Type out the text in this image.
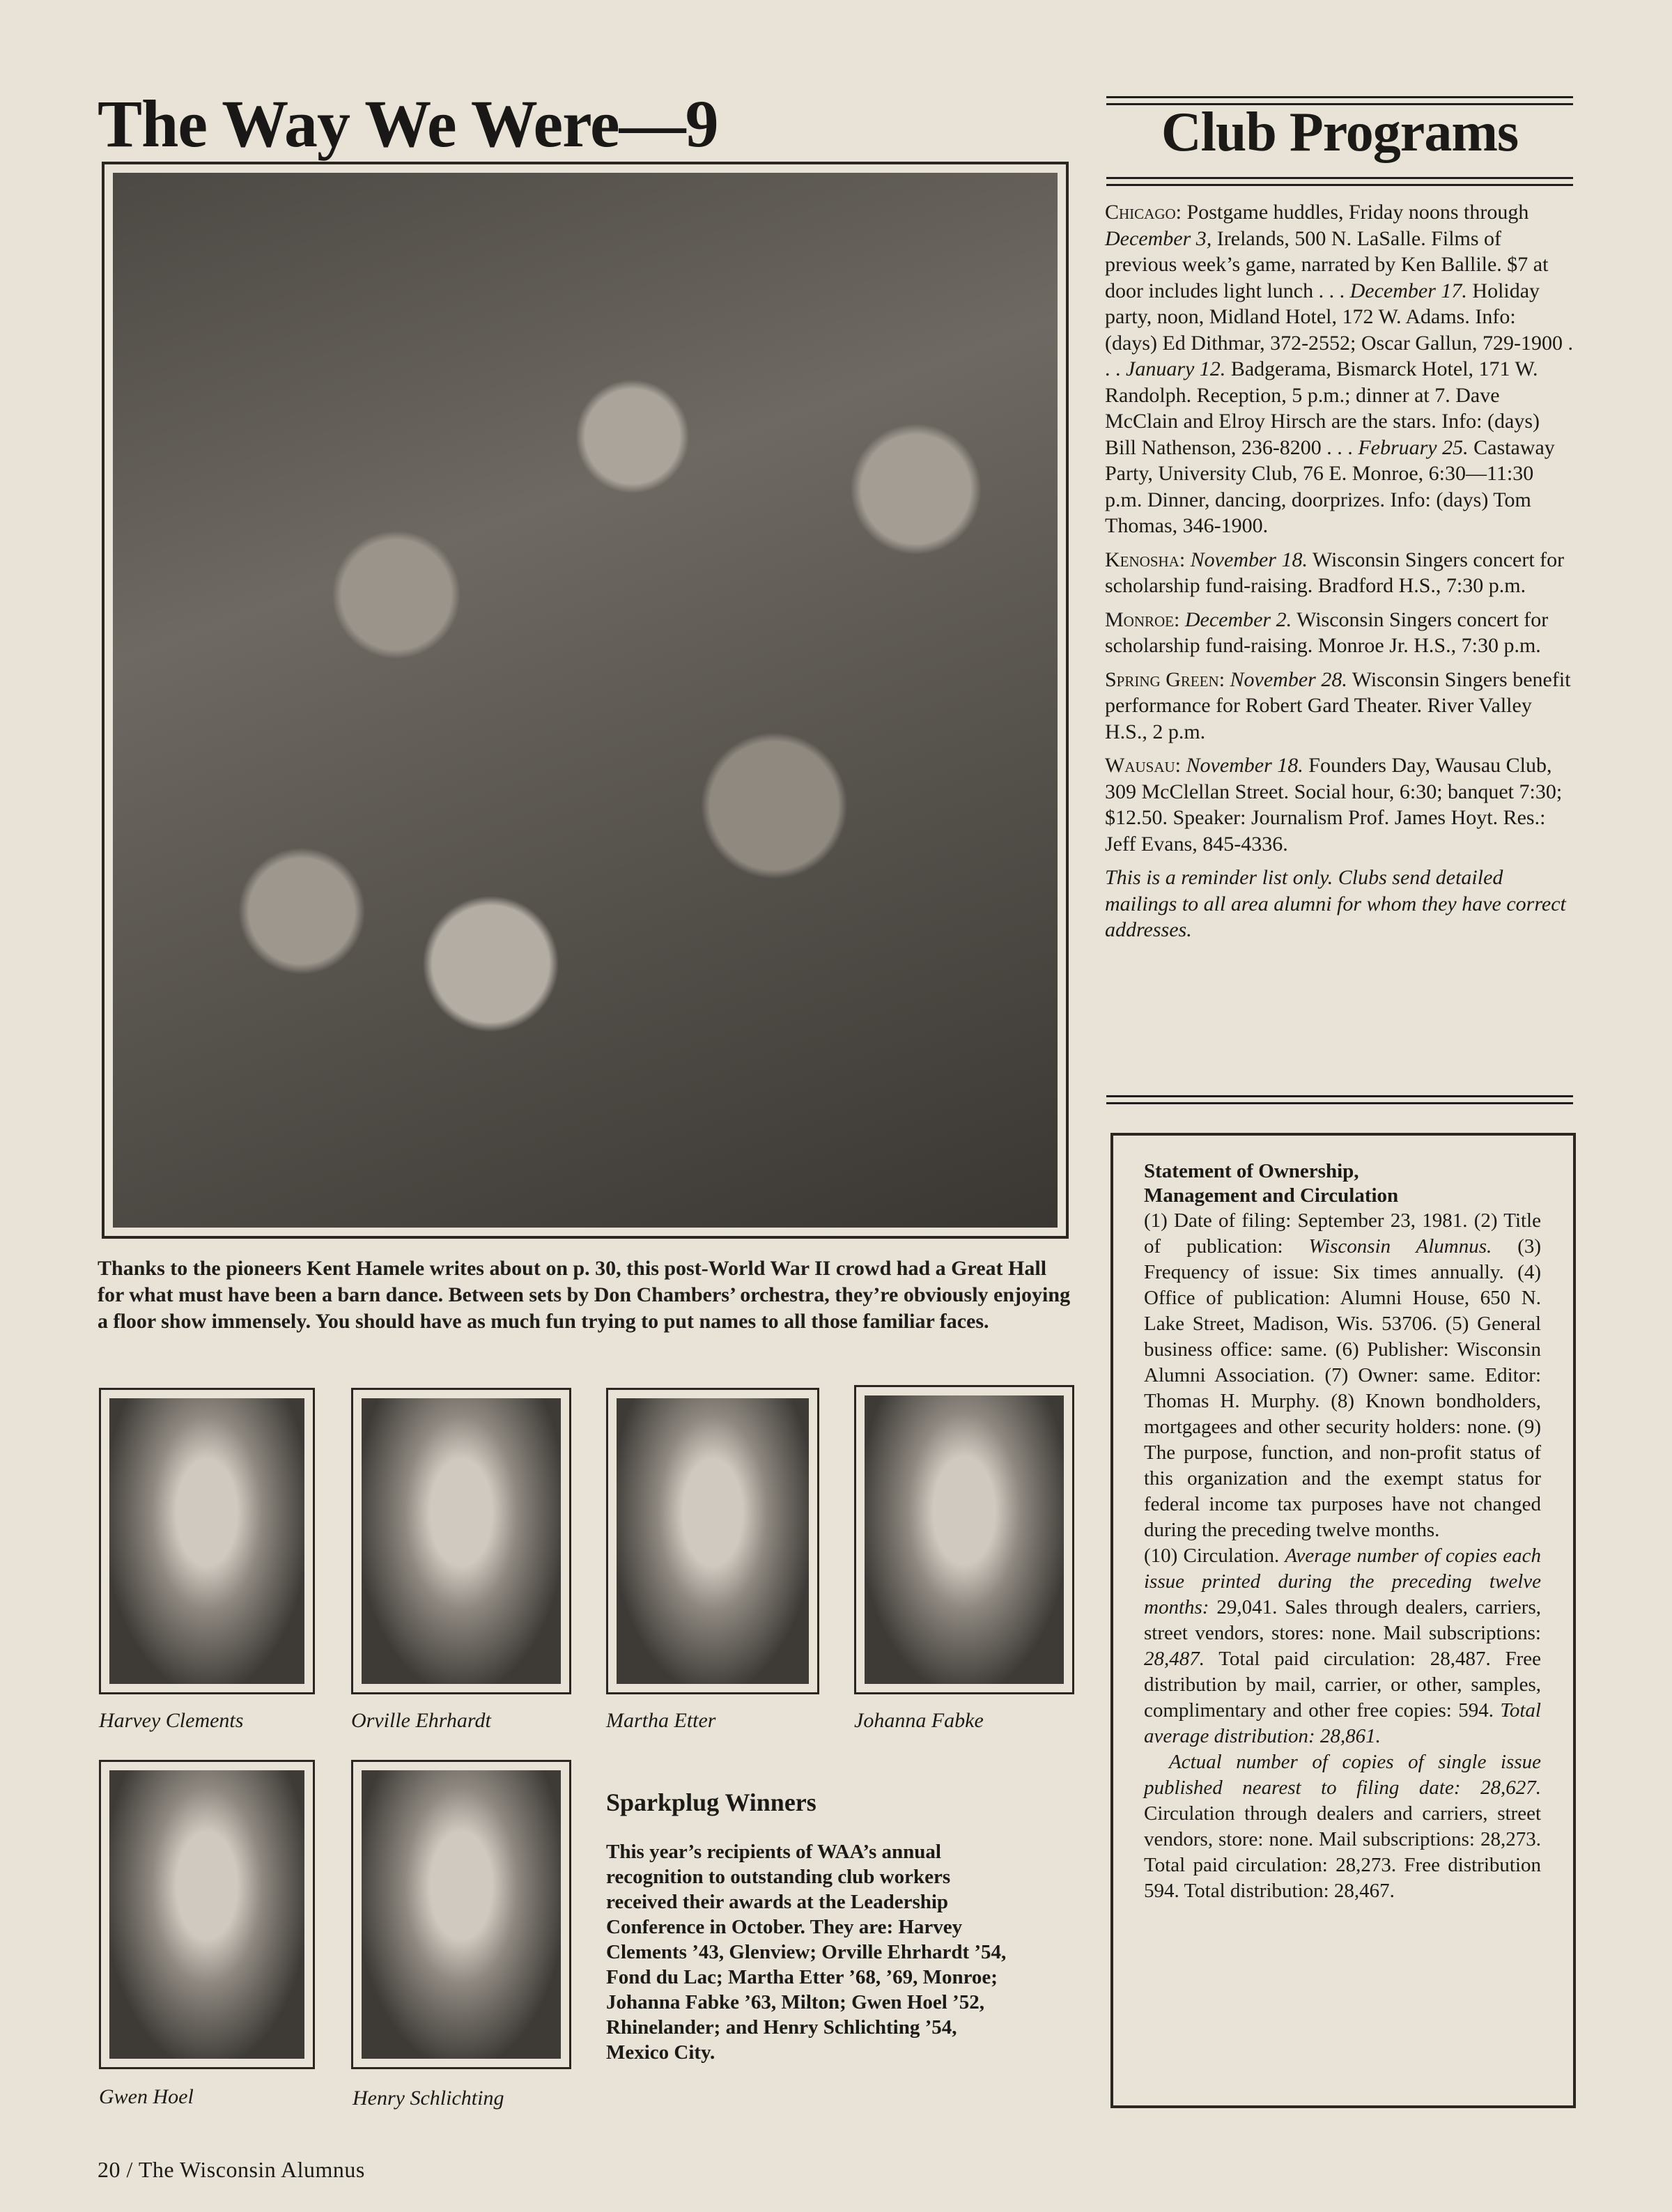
The Way We Were—9

Thanks to the pioneers Kent Hamele writes about on p. 30, this post-World War II crowd had a Great Hall for what must have been a barn dance. Between sets by Don Chambers’ orchestra, they’re obviously enjoying a floor show immensely. You should have as much fun trying to put names to all those familiar faces.

Harvey Clements	Orville Ehrhardt	Martha Etter	Johanna Fabke

Gwen Hoel	Henry Schlichting

Sparkplug Winners

This year’s recipients of WAA’s annual recognition to outstanding club workers received their awards at the Leadership Conference in October. They are: Harvey Clements ’43, Glenview; Orville Ehrhardt ’54, Fond du Lac; Martha Etter ’68, ’69, Monroe; Johanna Fabke ’63, Milton; Gwen Hoel ’52, Rhinelander; and Henry Schlichting ’54, Mexico City.

20 / The Wisconsin Alumnus

Club Programs

Chicago: Postgame huddles, Friday noons through December 3, Irelands, 500 N. LaSalle. Films of previous week’s game, narrated by Ken Ballile. $7 at door includes light lunch . . . December 17. Holiday party, noon, Midland Hotel, 172 W. Adams. Info: (days) Ed Dithmar, 372-2552; Oscar Gallun, 729-1900 . . . January 12. Badgerama, Bismarck Hotel, 171 W. Randolph. Reception, 5 p.m.; dinner at 7. Dave McClain and Elroy Hirsch are the stars. Info: (days) Bill Nathenson, 236-8200 . . . February 25. Castaway Party, University Club, 76 E. Monroe, 6:30—11:30 p.m. Dinner, dancing, doorprizes. Info: (days) Tom Thomas, 346-1900.

Kenosha: November 18. Wisconsin Singers concert for scholarship fund-raising. Bradford H.S., 7:30 p.m.

Monroe: December 2. Wisconsin Singers concert for scholarship fund-raising. Monroe Jr. H.S., 7:30 p.m.

Spring Green: November 28. Wisconsin Singers benefit performance for Robert Gard Theater. River Valley H.S., 2 p.m.

Wausau: November 18. Founders Day, Wausau Club, 309 McClellan Street. Social hour, 6:30; banquet 7:30; $12.50. Speaker: Journalism Prof. James Hoyt. Res.: Jeff Evans, 845-4336.

This is a reminder list only. Clubs send detailed mailings to all area alumni for whom they have correct addresses.

Statement of Ownership,
Management and Circulation

(1) Date of filing: September 23, 1981. (2) Title of publication: Wisconsin Alumnus. (3) Frequency of issue: Six times annually. (4) Office of publication: Alumni House, 650 N. Lake Street, Madison, Wis. 53706. (5) General business office: same. (6) Publisher: Wisconsin Alumni Association. (7) Owner: same. Editor: Thomas H. Murphy. (8) Known bondholders, mortgagees and other security holders: none. (9) The purpose, function, and non-profit status of this organization and the exempt status for federal income tax purposes have not changed during the preceding twelve months.

(10) Circulation. Average number of copies each issue printed during the preceding twelve months: 29,041. Sales through dealers, carriers, street vendors, stores: none. Mail subscriptions: 28,487. Total paid circulation: 28,487. Free distribution by mail, carrier, or other, samples, complimentary and other free copies: 594. Total average distribution: 28,861.

Actual number of copies of single issue published nearest to filing date: 28,627. Circulation through dealers and carriers, street vendors, store: none. Mail subscriptions: 28,273. Total paid circulation: 28,273. Free distribution 594. Total distribution: 28,467.
